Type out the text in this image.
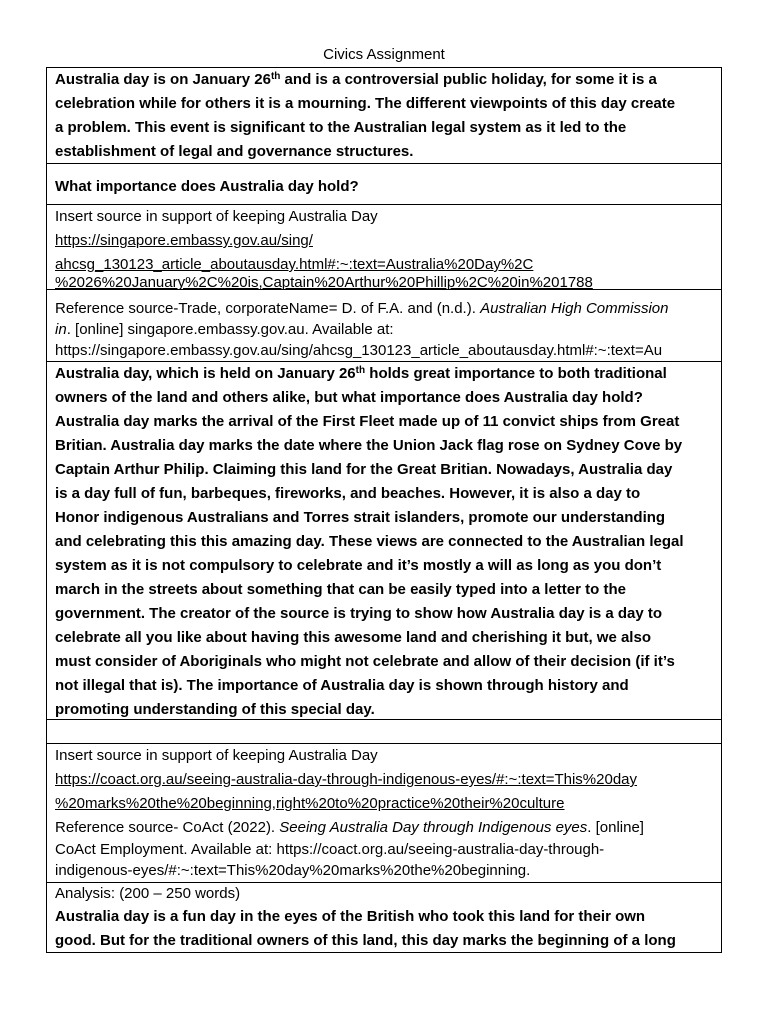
Civics Assignment
Australia day is on January 26th and is a controversial public holiday, for some it is a
celebration while for others it is a mourning. The different viewpoints of this day create
a problem. This event is significant to the Australian legal system as it led to the
establishment of legal and governance structures.
What importance does Australia day hold?
Insert source in support of keeping Australia Day
https://singapore.embassy.gov.au/sing/
ahcsg_130123_article_aboutausday.html#:~:text=Australia%20Day%2C
%2026%20January%2C%20is,Captain%20Arthur%20Phillip%2C%20in%201788
Reference source-Trade, corporateName= D. of F.A. and (n.d.). Australian High Commission
in. [online] singapore.embassy.gov.au. Available at:
https://singapore.embassy.gov.au/sing/ahcsg_130123_article_aboutausday.html#:~:text=Au
Australia day, which is held on January 26th holds great importance to both traditional
owners of the land and others alike, but what importance does Australia day hold?
Australia day marks the arrival of the First Fleet made up of 11 convict ships from Great
Britian. Australia day marks the date where the Union Jack flag rose on Sydney Cove by
Captain Arthur Philip. Claiming this land for the Great Britian. Nowadays, Australia day
is a day full of fun, barbeques, fireworks, and beaches. However, it is also a day to
Honor indigenous Australians and Torres strait islanders, promote our understanding
and celebrating this this amazing day. These views are connected to the Australian legal
system as it is not compulsory to celebrate and it’s mostly a will as long as you don’t
march in the streets about something that can be easily typed into a letter to the
government. The creator of the source is trying to show how Australia day is a day to
celebrate all you like about having this awesome land and cherishing it but, we also
must consider of Aboriginals who might not celebrate and allow of their decision (if it’s
not illegal that is). The importance of Australia day is shown through history and
promoting understanding of this special day.
Insert source in support of keeping Australia Day
https://coact.org.au/seeing-australia-day-through-indigenous-eyes/#:~:text=This%20day
%20marks%20the%20beginning,right%20to%20practice%20their%20culture
Reference source- CoAct (2022). Seeing Australia Day through Indigenous eyes. [online]
CoAct Employment. Available at: https://coact.org.au/seeing-australia-day-through-
indigenous-eyes/#:~:text=This%20day%20marks%20the%20beginning.
Analysis: (200 – 250 words)
Australia day is a fun day in the eyes of the British who took this land for their own
good. But for the traditional owners of this land, this day marks the beginning of a long
